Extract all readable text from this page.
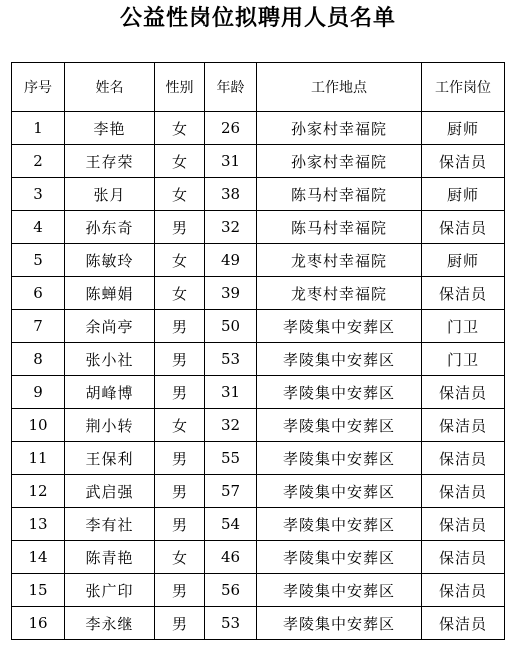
公益性岗位拟聘用人员名单
序号	姓名	性别	年龄	工作地点	工作岗位
1	李艳	女	26	孙家村幸福院	厨师
2	王存荣	女	31	孙家村幸福院	保洁员
3	张月	女	38	陈马村幸福院	厨师
4	孙东奇	男	32	陈马村幸福院	保洁员
5	陈敏玲	女	49	龙枣村幸福院	厨师
6	陈蝉娟	女	39	龙枣村幸福院	保洁员
7	余尚亭	男	50	孝陵集中安葬区	门卫
8	张小社	男	53	孝陵集中安葬区	门卫
9	胡峰博	男	31	孝陵集中安葬区	保洁员
10	荆小转	女	32	孝陵集中安葬区	保洁员
11	王保利	男	55	孝陵集中安葬区	保洁员
12	武启强	男	57	孝陵集中安葬区	保洁员
13	李有社	男	54	孝陵集中安葬区	保洁员
14	陈青艳	女	46	孝陵集中安葬区	保洁员
15	张广印	男	56	孝陵集中安葬区	保洁员
16	李永继	男	53	孝陵集中安葬区	保洁员
